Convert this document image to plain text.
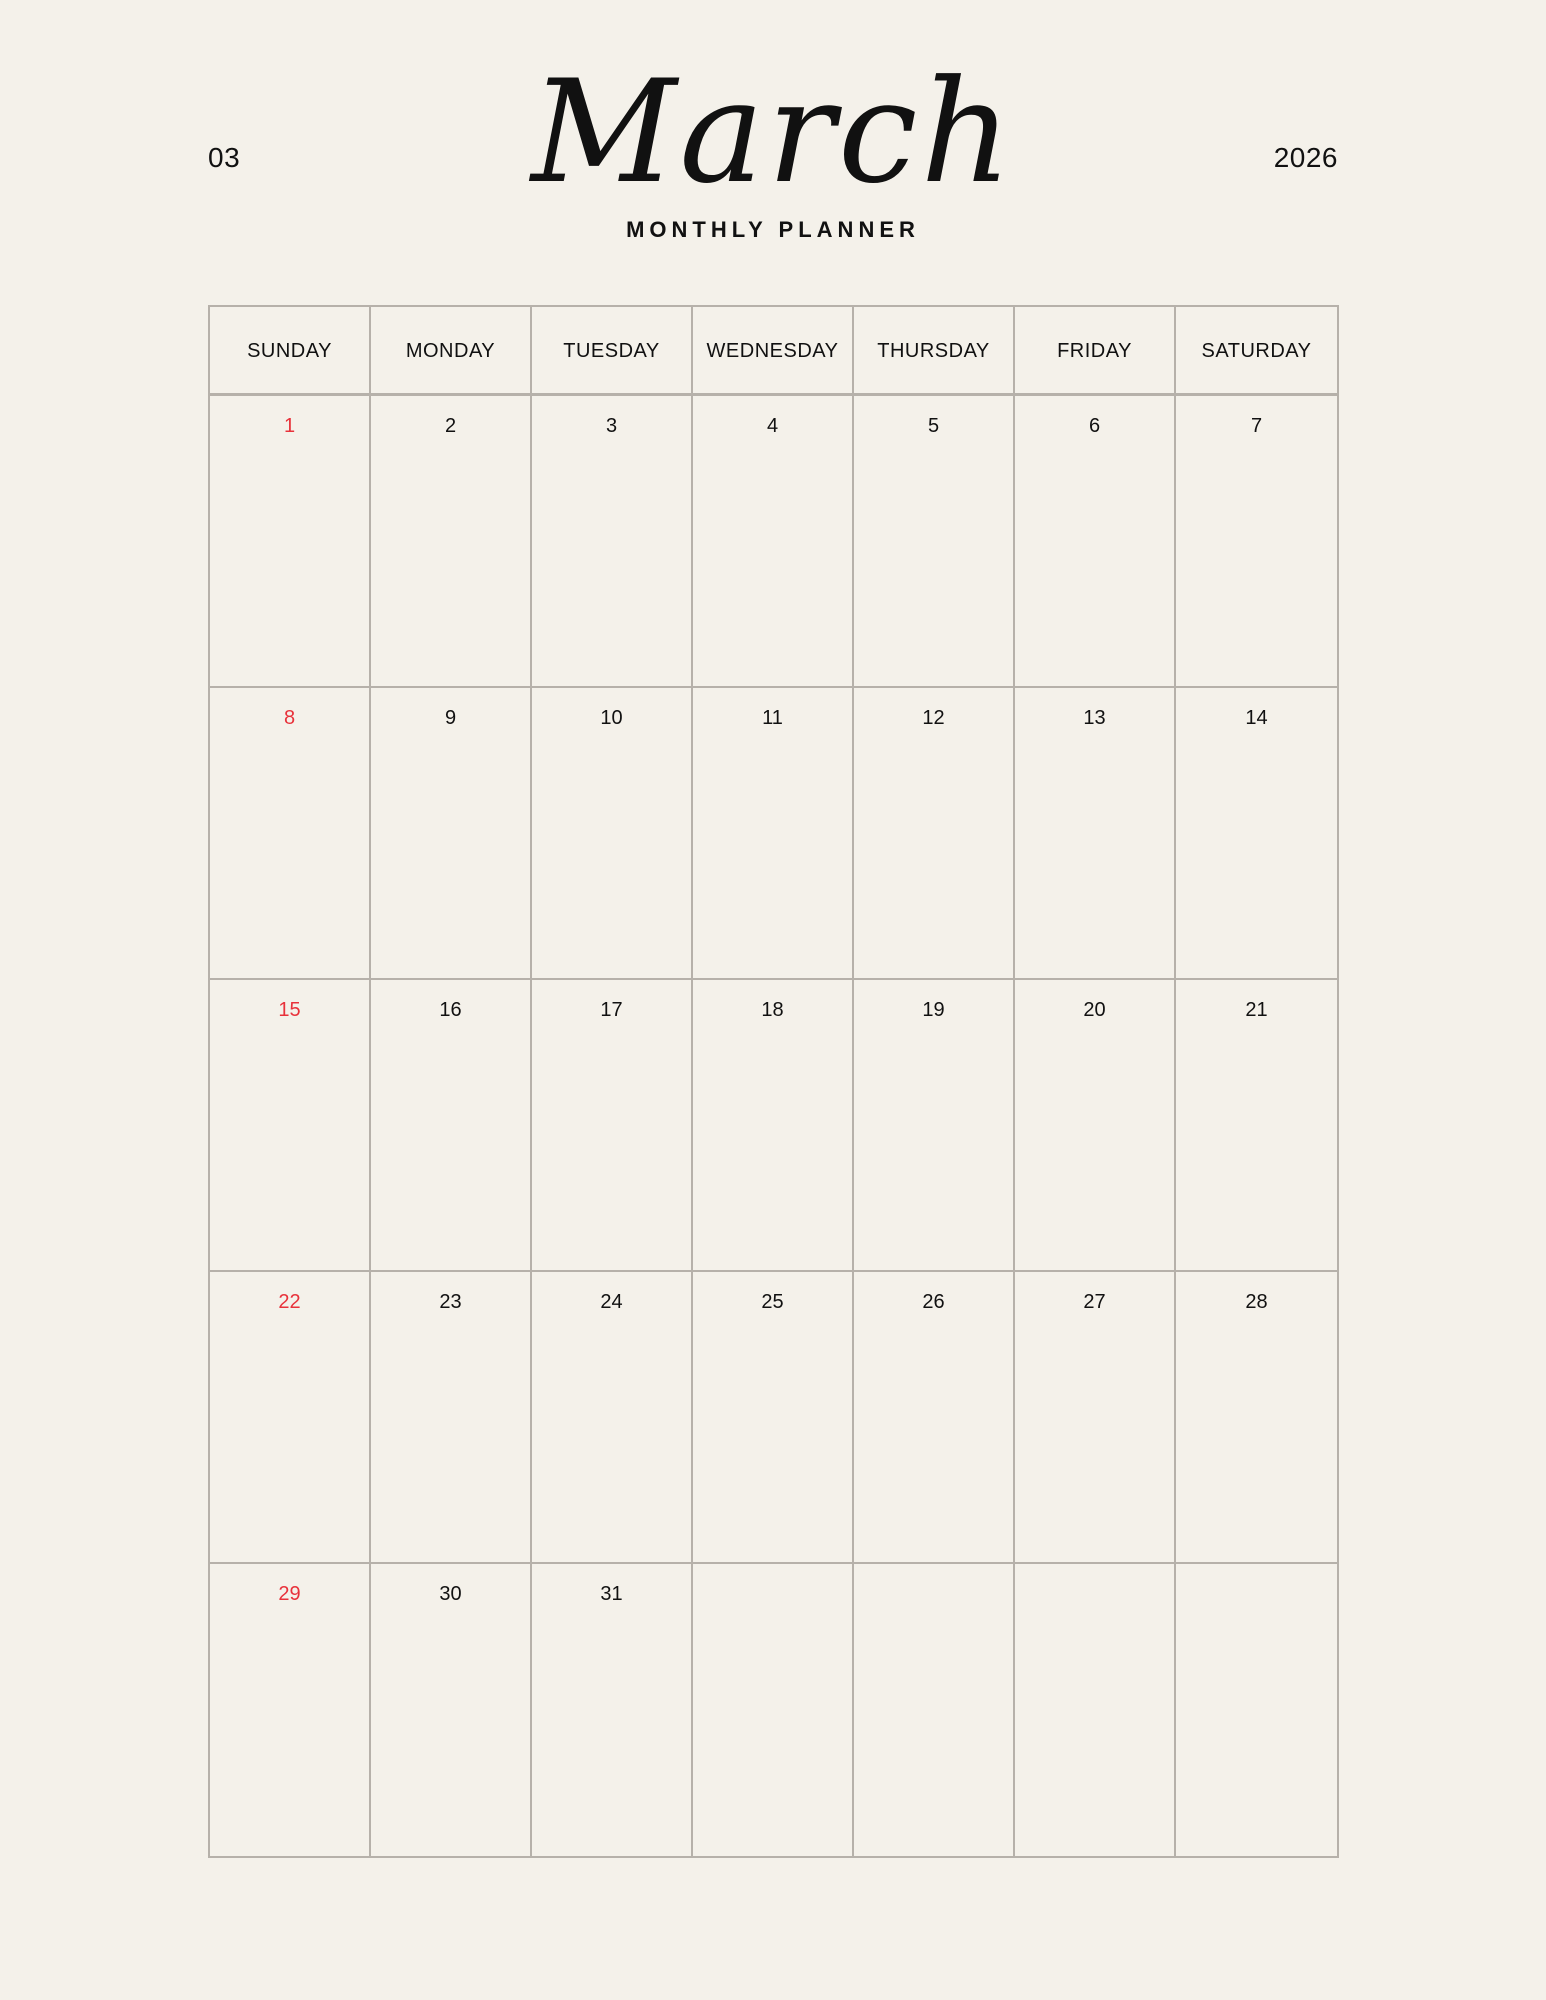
03	March
MONTHLY PLANNER
2026
SUNDAY	MONDAY	TUESDAY	WEDNESDAY	THURSDAY	FRIDAY	SATURDAY
1	2	3	4	5	6	7
8	9	10	11	12	13	14
15	16	17	18	19	20	21
22	23	24	25	26	27	28
29	30	31
